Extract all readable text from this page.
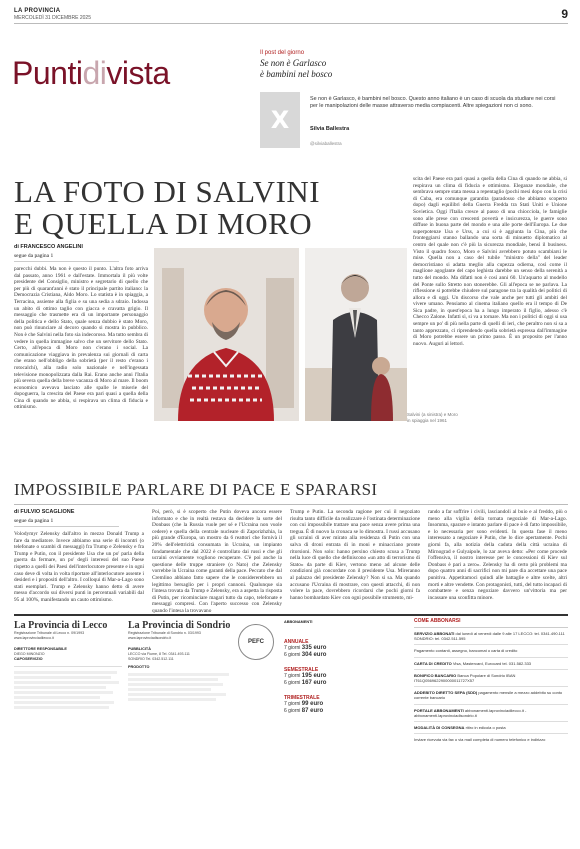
LA PROVINCIA
MERCOLEDÌ 31 DICEMBRE 2025	9
Puntidivista
Il post del giorno
Se non è Garlasco
è bambini nel bosco
X
Se non è Garlasco, è bambini nel bosco. Questo anno italiano è un caso di scuola da studiare nei corsi per le manipolazioni delle masse attraverso media compiacenti. Altre spiegazioni non ci sono.
Silvia Ballestra
@silviaballestra
LA FOTO DI SALVINI
E QUELLA DI MORO
di FRANCESCO ANGELINI
segue da pagina 1
parecchi dubbi. Ma non è questo il punto. L'altra foto arriva dal passato, anno 1961 e dall'estate. Immortala il più volte presidente del Consiglio, ministro e segretario di quello che per più di quarant'anni è stato il principale partito italiano: la Democrazia Cristiana, Aldo Moro. Lo statista è in spiaggia, a Terracina, assieme alla figlia e su una sedia a sdraio. Indossa un abito di ottimo taglio con giacca e cravatta grigio. Il messaggio che trasmette era di un importante personaggio della politica e dello Stato, quale senza dubbio è stato Moro, non può rinunciare al decoro quando si mostra in pubblico. Non è che Salvini nella foto sia indecoroso. Ma tutto sembra di vedere in quella immagine salvo che un servitore dello Stato. Certo, all'epoca di Moro non c'erano i social. La comunicazione viaggiava in prevalenza sui giornali di carta che erano nell'obbligo della sobrietà (per il resto c'erano i rotocalchi), alla radio solo nazionale e nell'ingessata televisione monopolizzata dalla Rai. Erano anche anni l'Italia più severa quella della breve vacanza di Moro al mare. Il boom economico avevava lasciato alle spalle le miserie del dopoguerra, la crescita del Paese era pari quasi a quella della Cina di quando ne abbia, si respirava un clima di fiducia e ottimismo.
Salvini (a sinistra) e Moro
in spiaggia nel 1961
scita del Paese era pari quasi a quella della Cina di quando ne abbia, si respirava un clima di fiducia e ottimismo. Eleganze mondiale, che sembrava sempre stata messa a repentaglio (pochi mesi dopo con la crisi di Cuba, era comunque garantita (paradosso che abbiamo scoperto dopo) dagli equilibri della Guerra Fredda tra Stati Uniti e Unione Sovietica. Oggi l'Italia cresce al passo di una chiocciola, le famiglie sono alle prese con crescenti povertà e insicurezza, le guerre sono diffuse in buona parte del mondo e una alle porte dell'Europa. Le due superpotenze Usa e Urss, a cui si è aggiunta la Cina, più che fronteggiarsi stanno ballando una sorta di minuetto diplomatico al centro del quale non c'è più la sicurezza mondiale, bensì il business. Visto il quadro fosco, Moro e Salvini avrebbero potuto scambiarsi le mise. Quella non a caso del tubile "ministro della" del leader democristiano si adatta meglio alla cupezza odierna, così come il maglione agoglante del capo leghista darebbe un senso della serenità a tutto del mondo. Ma difatti non è così anni 60. Un'aquarto al modello del Ponte sullo Stretto non stonerebbe. Gli all'epoca se ne parlava. La riflessione si potrebbe chiudere sul paragone tra la qualità dei politici di allora e di oggi. Un discorso che vale anche per tutti gli ambiti del vivere umano. Pensiamo al cinema italiano quello era il tempo di De Sica padre, in quest'epoca ha a lungo imperato il figlio, adesso c'è Checco Zalone. Infatti sì, si va a tornare. Ma non i politici di oggi si usa sempre un po' di più nella parte di quelli di ieri, che peraltro non si sa a tanto apprezzato, ci riprendendo quella sobrietà espressa dall'immagine di Moro potrebbe essere un primo passo. È un proposito per l'anno nuovo. Auguri ai lettori.
IMPOSSIBILE PARLARE DI PACE E SPARARSI
di FULVIO SCAGLIONE
segue da pagina 1
Volodymyr Zelensky dall'altro in mezzo Donald Trump a fare da mediatore. Invece abbiamo una serie di incontri (o telefonate o scambi di messaggi) fra Trump e Zelensky e fra Trump e Putin, con il presidente Usa che un po' parla della guerra da fermare, un po' degli interessi del suo Paese rispetto a quelli dei Paesi dell'interlocutore presente e in ogni caso deve di volta in volta riportare all'interlocutore assente i desideri e i propositi dell'altro. I colloqui di Mar-a-Lago sono stati esemplari. Trump e Zelensky hanno detto di avere messo d'accordo sui diversi punti in percentuali variabili dal 95 al 100%, manifestando un cauto ottimismo.
Poi, però, si è scoperto che Putin doveva ancora essere informato e che in realtà restava da decidere la sorte del Donbass (che la Russia vuole per sé e l'Ucraina non vuole cedere) e quella della centrale nucleare di Zaporizhzhia, la più grande d'Europa, un mostro da 6 reattori che fornivà il 20% dell'elettricità consumata in Ucraina, un impianto fondamentale che dal 2022 è controllato dai russi e che gli ucraini ovviamente vogliono recuperare. C'è poi anche la questione delle truppe straniere (o Nato) che Zelensky vorrebbe in Ucraina come garanti della pace. Peccato che dal Cremlino abbiano fatto sapere che le considererebbero un legittimo bersaglio per i propri cannoni. Qualunque sia l'intesa trovata da Trump e Zelensky, era a aspetta la risposta di Putin, per ricominciare magari tutto da capo, telefonate e messaggi compresi. Con l'aperto successo con Zelensky quando l'intesa la trovavano
Trump e Putin. La seconda ragione per cui il negoziato risulta tanto difficile da realizzare è l'ostinata determinazione con cui impossibile trattare una pace senza avere prima una tregua. È di nuovo la cronaca se lo dimostra. I russi accusano gli ucraini di aver mirato alla residenza di Putin con una salva di droni entrata di in moni e minacciano pronte ritorsioni. Non solo: hanno persino chiesto scusa a Trump nella luce di quello che definiscono «un atto di terrorismo di Stato» da parte di Kiev, vertono meno ad alcune delle condizioni già concordate con il presidente Usa. Mireranno al palazzo del presidente Zelensky? Non si sa. Ma quando accusano l'Ucraina di mostrare, con questi attacchi, di non volere la pace, dovrebbero ricordarsi che pochi giorni fa hanno bombardato Kiev con ogni possibile strumento, mi-
rando a far soffrire i civili, lasciandoli al buio e al freddo, più o meno alla vigilia della tornata negoziale di Mar-a-Lago. Insomma, sparare e intanto parlare di pace è di fatto impossibile, e lo necessaria per sono evidenti. In questa fase il meno interessato a negoziare è Putin, che lo dice apertamente. Pochi giorni fa, alla notizia della caduta della città ucraina di Mirnograd e Gulyaipole, lo zar aveva detto: «Per come procede l'offensiva, il nostro interesse per le concessioni di Kiev sul Donbass è pari a zero». Zelensky ha di certo più problemi ma dopo quattro anni di sacrifici non mi pare dia accettare una pace punitiva. Appetitamoci quindi alle battaglie e altre scelte, altri morti e altre vendette. Con protagonisti, tutti, del tutto incapaci di combattere e senza negoziare davvero un'vittoria ma per incassare una sconfitta minore.
La Provincia di Lecco
Registrazione Tribunale di Lecco n. 09/1993
www.laprovinciadilecco.it
DIRETTORE RESPONSABILE
DIEGO MINONZIO
CAPOSERVIZIO
La Provincia di Sondrio
Registrazione Tribunale di Sondrio n. 03/1993
www.laprovinciadisondrio.it
PUBBLICITÀ
LECCO via Fiume, 8 Tel. 0341.493.111
SONDRIO Tel. 0342.512.111
PRODOTTO
PEFC
ABBONAMENTI
ANNUALE
7 giorni 335 euro
6 giorni 304 euro
SEMESTRALE
7 giorni 195 euro
6 giorni 167 euro
TRIMESTRALE
7 giorni 99 euro
6 giorni 87 euro
COME ABBONARSI
SERVIZIO ABBONATI dal lunedì al venerdì dalle 9 alle 17 LECCO: tel. 0341.490.111 SONDRIO: tel. 0342.511.595
Pagamento contanti, assegno, bancomat o carta di credito
CARTA DI CREDITO Visa, Mastercard, Eurocard tel. 031.582.333
BONIFICO BANCARIO Banca Popolare di Sondrio IBAN IT61Q0569622900000011727X57
ADDEBITO DIRETTO SEPA (SDD) pagamento mensile a mezzo addebito su conto corrente bancario
PORTALE ABBONAMENTI abbonamenti.laprovinciadilecco.it - abbonamenti.laprovinciadisondrio.it
MODALITÀ DI CONSEGNA ritiro in edicola o posta
Inviare ricevuta via fax o via mail completa di numero telefonico e indirizzo
